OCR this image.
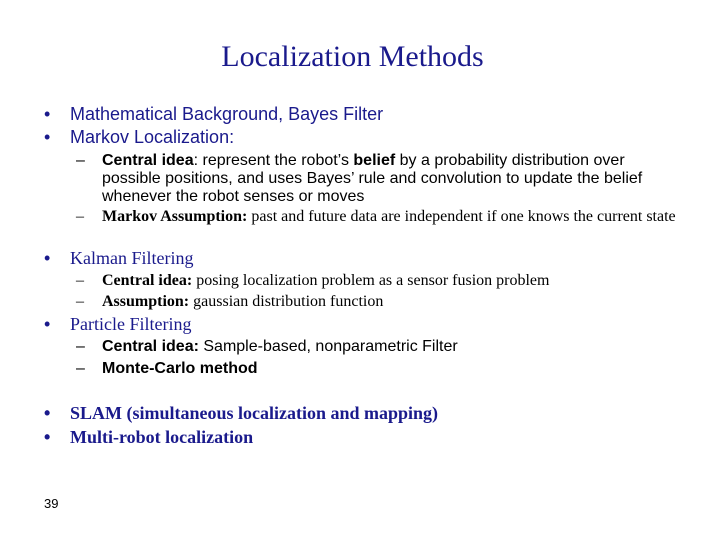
Localization Methods
• Mathematical Background, Bayes Filter
• Markov Localization:
– Central idea: represent the robot’s belief by a probability distribution over possible positions, and uses Bayes’ rule and convolution to update the belief whenever the robot senses or moves
– Markov Assumption: past and future data are independent if one knows the current state
• Kalman Filtering
– Central idea: posing localization problem as a sensor fusion problem
– Assumption: gaussian distribution function
• Particle Filtering
– Central idea: Sample-based, nonparametric Filter
– Monte-Carlo method
• SLAM (simultaneous localization and mapping)
• Multi-robot localization
39
